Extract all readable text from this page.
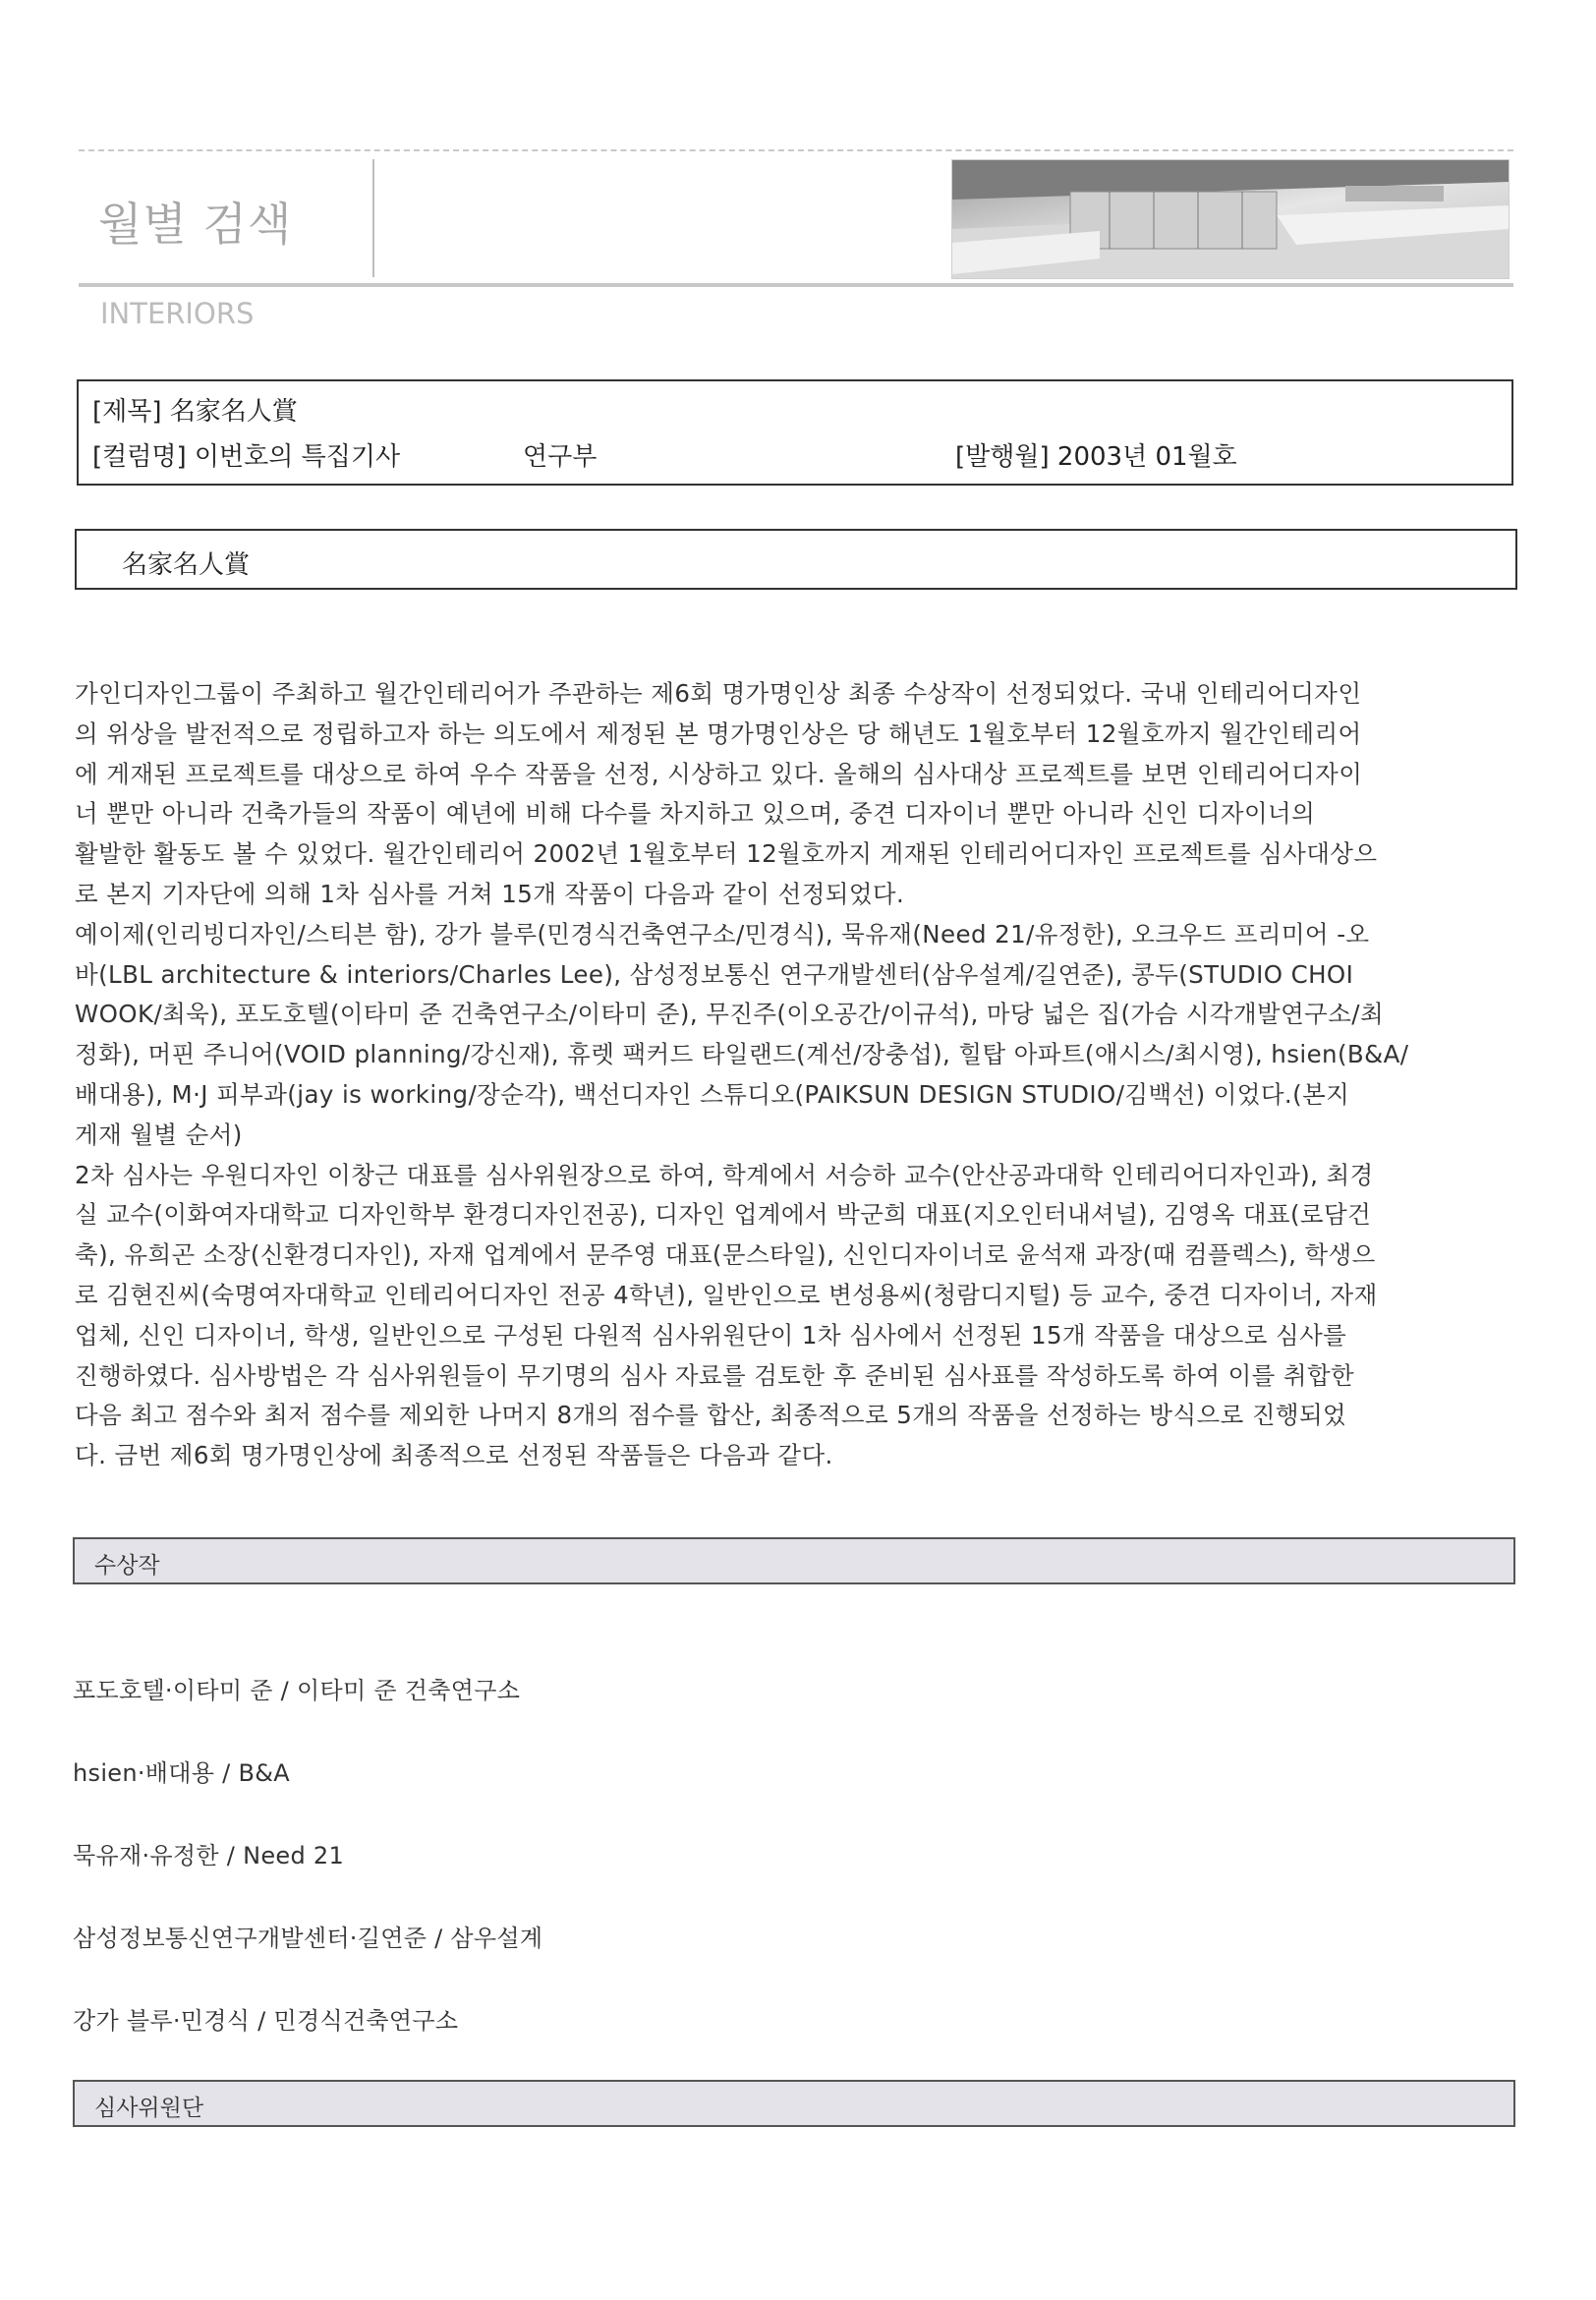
월별 검색
INTERIORS
[제목] 名家名人賞
[컬럼명] 이번호의 특집기사	연구부	[발행월] 2003년 01월호
名家名人賞
가인디자인그룹이 주최하고 월간인테리어가 주관하는 제6회 명가명인상 최종 수상작이 선정되었다. 국내 인테리어디자인
의 위상을 발전적으로 정립하고자 하는 의도에서 제정된 본 명가명인상은 당 해년도 1월호부터 12월호까지 월간인테리어
에 게재된 프로젝트를 대상으로 하여 우수 작품을 선정, 시상하고 있다. 올해의 심사대상 프로젝트를 보면 인테리어디자이
너 뿐만 아니라 건축가들의 작품이 예년에 비해 다수를 차지하고 있으며, 중견 디자이너 뿐만 아니라 신인 디자이너의
활발한 활동도 볼 수 있었다. 월간인테리어 2002년 1월호부터 12월호까지 게재된 인테리어디자인 프로젝트를 심사대상으
로 본지 기자단에 의해 1차 심사를 거쳐 15개 작품이 다음과 같이 선정되었다.
예이제(인리빙디자인/스티븐 함), 강가 블루(민경식건축연구소/민경식), 묵유재(Need 21/유정한), 오크우드 프리미어 -오
바(LBL architecture & interiors/Charles Lee), 삼성정보통신 연구개발센터(삼우설계/길연준), 콩두(STUDIO CHOI
WOOK/최욱), 포도호텔(이타미 준 건축연구소/이타미 준), 무진주(이오공간/이규석), 마당 넓은 집(가슴 시각개발연구소/최
정화), 머핀 주니어(VOID planning/강신재), 휴렛 팩커드 타일랜드(계선/장충섭), 힐탑 아파트(애시스/최시영), hsien(B&A/
배대용), M·J 피부과(jay is working/장순각), 백선디자인 스튜디오(PAIKSUN DESIGN STUDIO/김백선) 이었다.(본지
게재 월별 순서)
2차 심사는 우원디자인 이창근 대표를 심사위원장으로 하여, 학계에서 서승하 교수(안산공과대학 인테리어디자인과), 최경
실 교수(이화여자대학교 디자인학부 환경디자인전공), 디자인 업계에서 박군희 대표(지오인터내셔널), 김영옥 대표(로담건
축), 유희곤 소장(신환경디자인), 자재 업계에서 문주영 대표(문스타일), 신인디자이너로 윤석재 과장(때 컴플렉스), 학생으
로 김현진씨(숙명여자대학교 인테리어디자인 전공 4학년), 일반인으로 변성용씨(청람디지털) 등 교수, 중견 디자이너, 자재
업체, 신인 디자이너, 학생, 일반인으로 구성된 다원적 심사위원단이 1차 심사에서 선정된 15개 작품을 대상으로 심사를
진행하였다. 심사방법은 각 심사위원들이 무기명의 심사 자료를 검토한 후 준비된 심사표를 작성하도록 하여 이를 취합한
다음 최고 점수와 최저 점수를 제외한 나머지 8개의 점수를 합산, 최종적으로 5개의 작품을 선정하는 방식으로 진행되었
다. 금번 제6회 명가명인상에 최종적으로 선정된 작품들은 다음과 같다.
수상작
포도호텔·이타미 준 / 이타미 준 건축연구소
hsien·배대용 / B&A
묵유재·유정한 / Need 21
삼성정보통신연구개발센터·길연준 / 삼우설계
강가 블루·민경식 / 민경식건축연구소
심사위원단
